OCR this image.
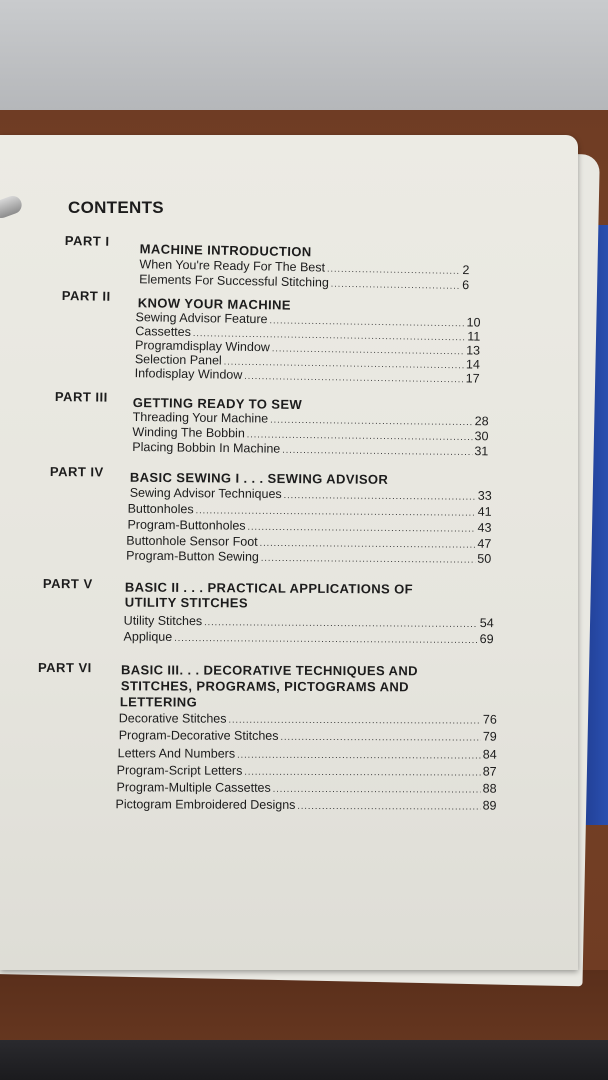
CONTENTS
PART I
MACHINE INTRODUCTION
When You're Ready For The Best .....	2
Elements For Successful Stitching .....	6
PART II KNOW YOUR MACHINE
Sewing Advisor Feature .....	10
Cassettes .....	11
Programdisplay Window .....	13
Selection Panel .....	14
Infodisplay Window .....	17
PART III GETTING READY TO SEW
Threading Your Machine .....	28
Winding The Bobbin .....	30
Placing Bobbin In Machine .....	31
PART IV BASIC SEWING I . . . SEWING ADVISOR
Sewing Advisor Techniques .....	33
Buttonholes .....	41
Program-Buttonholes .....	43
Buttonhole Sensor Foot .....	47
Program-Button Sewing .....	50
PART V BASIC II . . . PRACTICAL APPLICATIONS OF
UTILITY STITCHES
Utility Stitches .....	54
Applique .....	69
PART VI BASIC III. . . DECORATIVE TECHNIQUES AND
STITCHES, PROGRAMS, PICTOGRAMS AND
LETTERING
Decorative Stitches .....	76
Program-Decorative Stitches .....	79
Letters And Numbers .....	84
Program-Script Letters .....	87
Program-Multiple Cassettes .....	88
Pictogram Embroidered Designs .....	89
